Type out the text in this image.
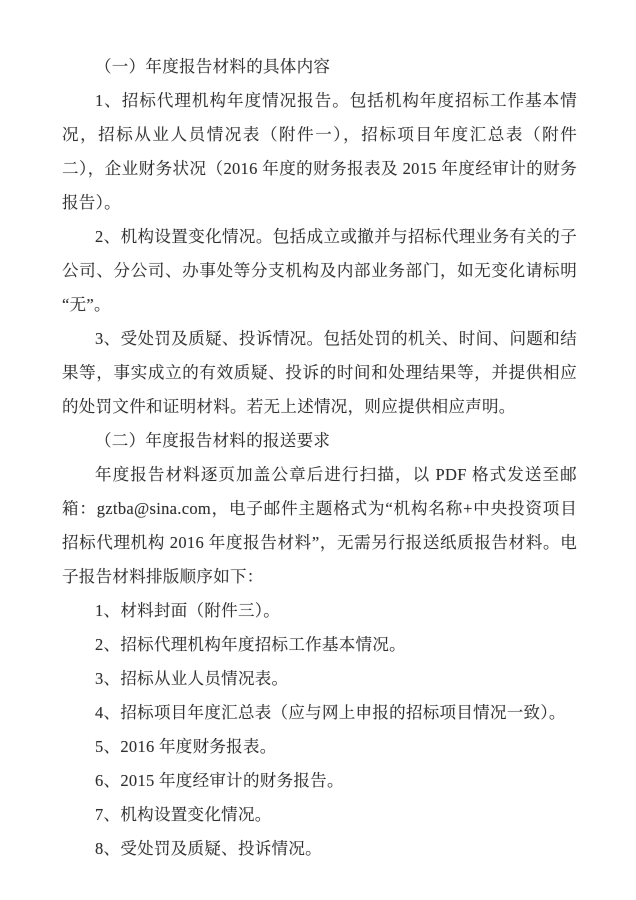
（一）年度报告材料的具体内容

1、招标代理机构年度情况报告。包括机构年度招标工作基本情况，招标从业人员情况表（附件一），招标项目年度汇总表（附件二），企业财务状况（2016 年度的财务报表及 2015 年度经审计的财务报告）。

2、机构设置变化情况。包括成立或撤并与招标代理业务有关的子公司、分公司、办事处等分支机构及内部业务部门，如无变化请标明“无”。

3、受处罚及质疑、投诉情况。包括处罚的机关、时间、问题和结果等，事实成立的有效质疑、投诉的时间和处理结果等，并提供相应的处罚文件和证明材料。若无上述情况，则应提供相应声明。

（二）年度报告材料的报送要求

年度报告材料逐页加盖公章后进行扫描，以 PDF 格式发送至邮箱：gztba@sina.com，电子邮件主题格式为“机构名称+中央投资项目招标代理机构 2016 年度报告材料”，无需另行报送纸质报告材料。电子报告材料排版顺序如下：

1、材料封面（附件三）。

2、招标代理机构年度招标工作基本情况。

3、招标从业人员情况表。

4、招标项目年度汇总表（应与网上申报的招标项目情况一致）。

5、2016 年度财务报表。

6、2015 年度经审计的财务报告。

7、机构设置变化情况。

8、受处罚及质疑、投诉情况。
